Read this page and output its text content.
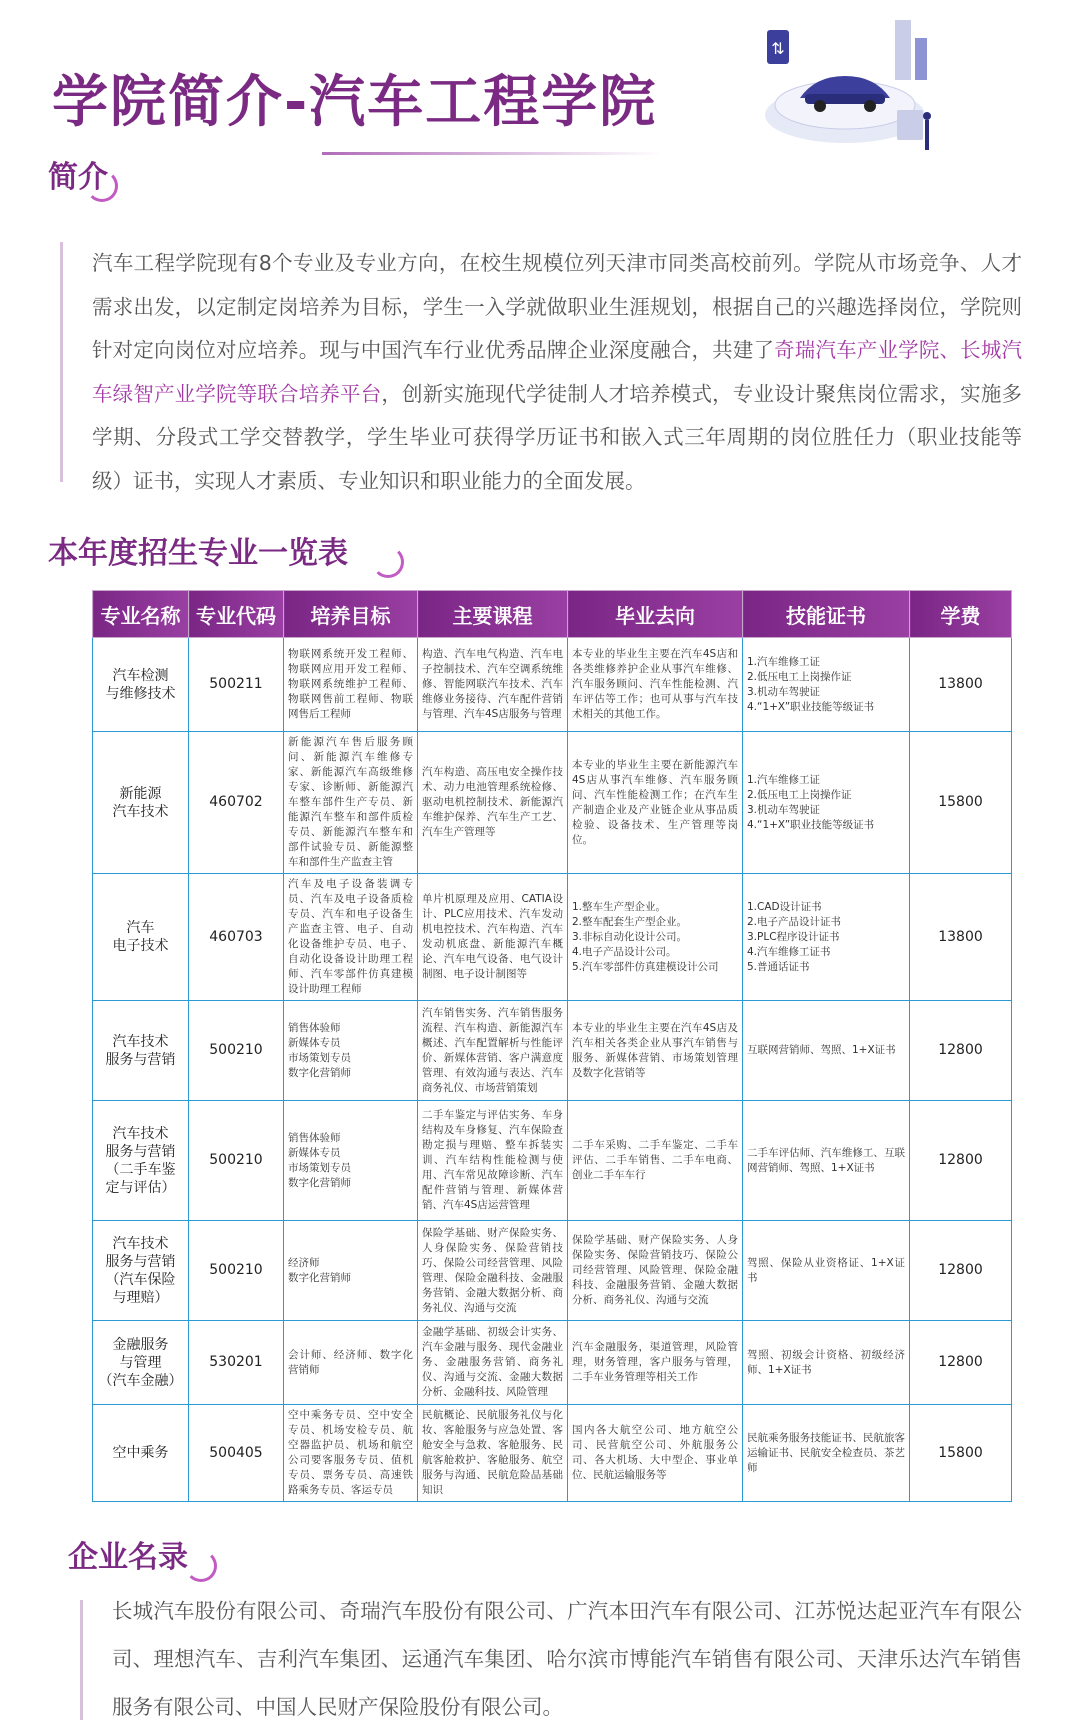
学院简介-汽车工程学院
⇅
简介
汽车工程学院现有8个专业及专业方向，在校生规模位列天津市同类高校前列。学院从市场竞争、人才需求出发，以定制定岗培养为目标，学生一入学就做职业生涯规划，根据自己的兴趣选择岗位，学院则针对定向岗位对应培养。现与中国汽车行业优秀品牌企业深度融合，共建了奇瑞汽车产业学院、长城汽车绿智产业学院等联合培养平台，创新实施现代学徒制人才培养模式，专业设计聚焦岗位需求，实施多学期、分段式工学交替教学，学生毕业可获得学历证书和嵌入式三年周期的岗位胜任力（职业技能等级）证书，实现人才素质、专业知识和职业能力的全面发展。
本年度招生专业一览表
专业名称	专业代码	培养目标	主要课程	毕业去向	技能证书	学费
汽车检测
与维修技术	500211	物联网系统开发工程师、物联网应用开发工程师、物联网系统维护工程师、物联网售前工程师、物联网售后工程师	构造、汽车电气构造、汽车电子控制技术、汽车空调系统维修、智能网联汽车技术、汽车维修业务接待、汽车配件营销与管理、汽车4S店服务与管理	本专业的毕业生主要在汽车4S店和各类维修养护企业从事汽车维修、汽车服务顾问、汽车性能检测、汽车评估等工作；也可从事与汽车技术相关的其他工作。	1.汽车维修工证
2.低压电工上岗操作证
3.机动车驾驶证
4.“1+X”职业技能等级证书	13800
新能源
汽车技术	460702	新能源汽车售后服务顾问、新能源汽车维修专家、新能源汽车高级维修专家、诊断师、新能源汽车整车部件生产专员、新能源汽车整车和部件质检专员、新能源汽车整车和部件试验专员、新能源整车和部件生产监查主管	汽车构造、高压电安全操作技术、动力电池管理系统检修、驱动电机控制技术、新能源汽车维护保养、汽车生产工艺、汽车生产管理等	本专业的毕业生主要在新能源汽车4S店从事汽车维修、汽车服务顾问、汽车性能检测工作；在汽车生产制造企业及产业链企业从事品质检验、设备技术、生产管理等岗位。	1.汽车维修工证
2.低压电工上岗操作证
3.机动车驾驶证
4.“1+X”职业技能等级证书	15800
汽车
电子技术	460703	汽车及电子设备装调专员、汽车及电子设备质检专员、汽车和电子设备生产监查主管、电子、自动化设备维护专员、电子、自动化设备设计助理工程师、汽车零部件仿真建模设计助理工程师	单片机原理及应用、CATIA设计、PLC应用技术、汽车发动机电控技术、汽车构造、汽车发动机底盘、新能源汽车概论、汽车电气设备、电气设计制图、电子设计制图等	1.整车生产型企业。
2.整车配套生产型企业。
3.非标自动化设计公司。
4.电子产品设计公司。
5.汽车零部件仿真建模设计公司	1.CAD设计证书
2.电子产品设计证书
3.PLC程序设计证书
4.汽车维修工证书
5.普通话证书	13800
汽车技术
服务与营销	500210	销售体验师
新媒体专员
市场策划专员
数字化营销师	汽车销售实务、汽车销售服务流程、汽车构造、新能源汽车概述、汽车配置解析与性能评价、新媒体营销、客户满意度管理、有效沟通与表达、汽车商务礼仪、市场营销策划	本专业的毕业生主要在汽车4S店及汽车相关各类企业从事汽车销售与服务、新媒体营销、市场策划管理及数字化营销等	互联网营销师、驾照、1+X证书	12800
汽车技术
服务与营销
（二手车鉴
定与评估）	500210	销售体验师
新媒体专员
市场策划专员
数字化营销师	二手车鉴定与评估实务、车身结构及车身修复、汽车保险查勘定损与理赔、整车拆装实训、汽车结构性能检测与使用、汽车常见故障诊断、汽车配件营销与管理、新媒体营销、汽车4S店运营管理	二手车采购、二手车鉴定、二手车评估、二手车销售、二手车电商、创业二手车车行	二手车评估师、汽车维修工、互联网营销师、驾照、1+X证书	12800
汽车技术
服务与营销
（汽车保险
与理赔）	500210	经济师
数字化营销师	保险学基础、财产保险实务、人身保险实务、保险营销技巧、保险公司经营管理、风险管理、保险金融科技、金融服务营销、金融大数据分析、商务礼仪、沟通与交流	保险学基础、财产保险实务、人身保险实务、保险营销技巧、保险公司经营管理、风险管理、保险金融科技、金融服务营销、金融大数据分析、商务礼仪、沟通与交流	驾照、保险从业资格证、1+X证书	12800
金融服务
与管理
（汽车金融）	530201	会计师、经济师、数字化营销师	金融学基础、初级会计实务、汽车金融与服务、现代金融业务、金融服务营销、商务礼仪、沟通与交流、金融大数据分析、金融科技、风险管理	汽车金融服务，渠道管理，风险管理，财务管理，客户服务与管理，二手车业务管理等相关工作	驾照、初级会计资格、初级经济师、1+X证书	12800
空中乘务	500405	空中乘务专员、空中安全专员、机场安检专员、航空器监护员、机场和航空公司要客服务专员、值机专员、票务专员、高速铁路乘务专员、客运专员	民航概论、民航服务礼仪与化妆、客舱服务与应急处置、客舱安全与急救、客舱服务、民航客舱救护、客舱服务、航空服务与沟通、民航危险品基础知识	国内各大航空公司、地方航空公司、民营航空公司、外航服务公司、各大机场、大中型企、事业单位、民航运输服务等	民航乘务服务技能证书、民航旅客运输证书、民航安全检查员、茶艺师	15800
企业名录
长城汽车股份有限公司、奇瑞汽车股份有限公司、广汽本田汽车有限公司、江苏悦达起亚汽车有限公司、理想汽车、吉利汽车集团、运通汽车集团、哈尔滨市博能汽车销售有限公司、天津乐达汽车销售服务有限公司、中国人民财产保险股份有限公司。
